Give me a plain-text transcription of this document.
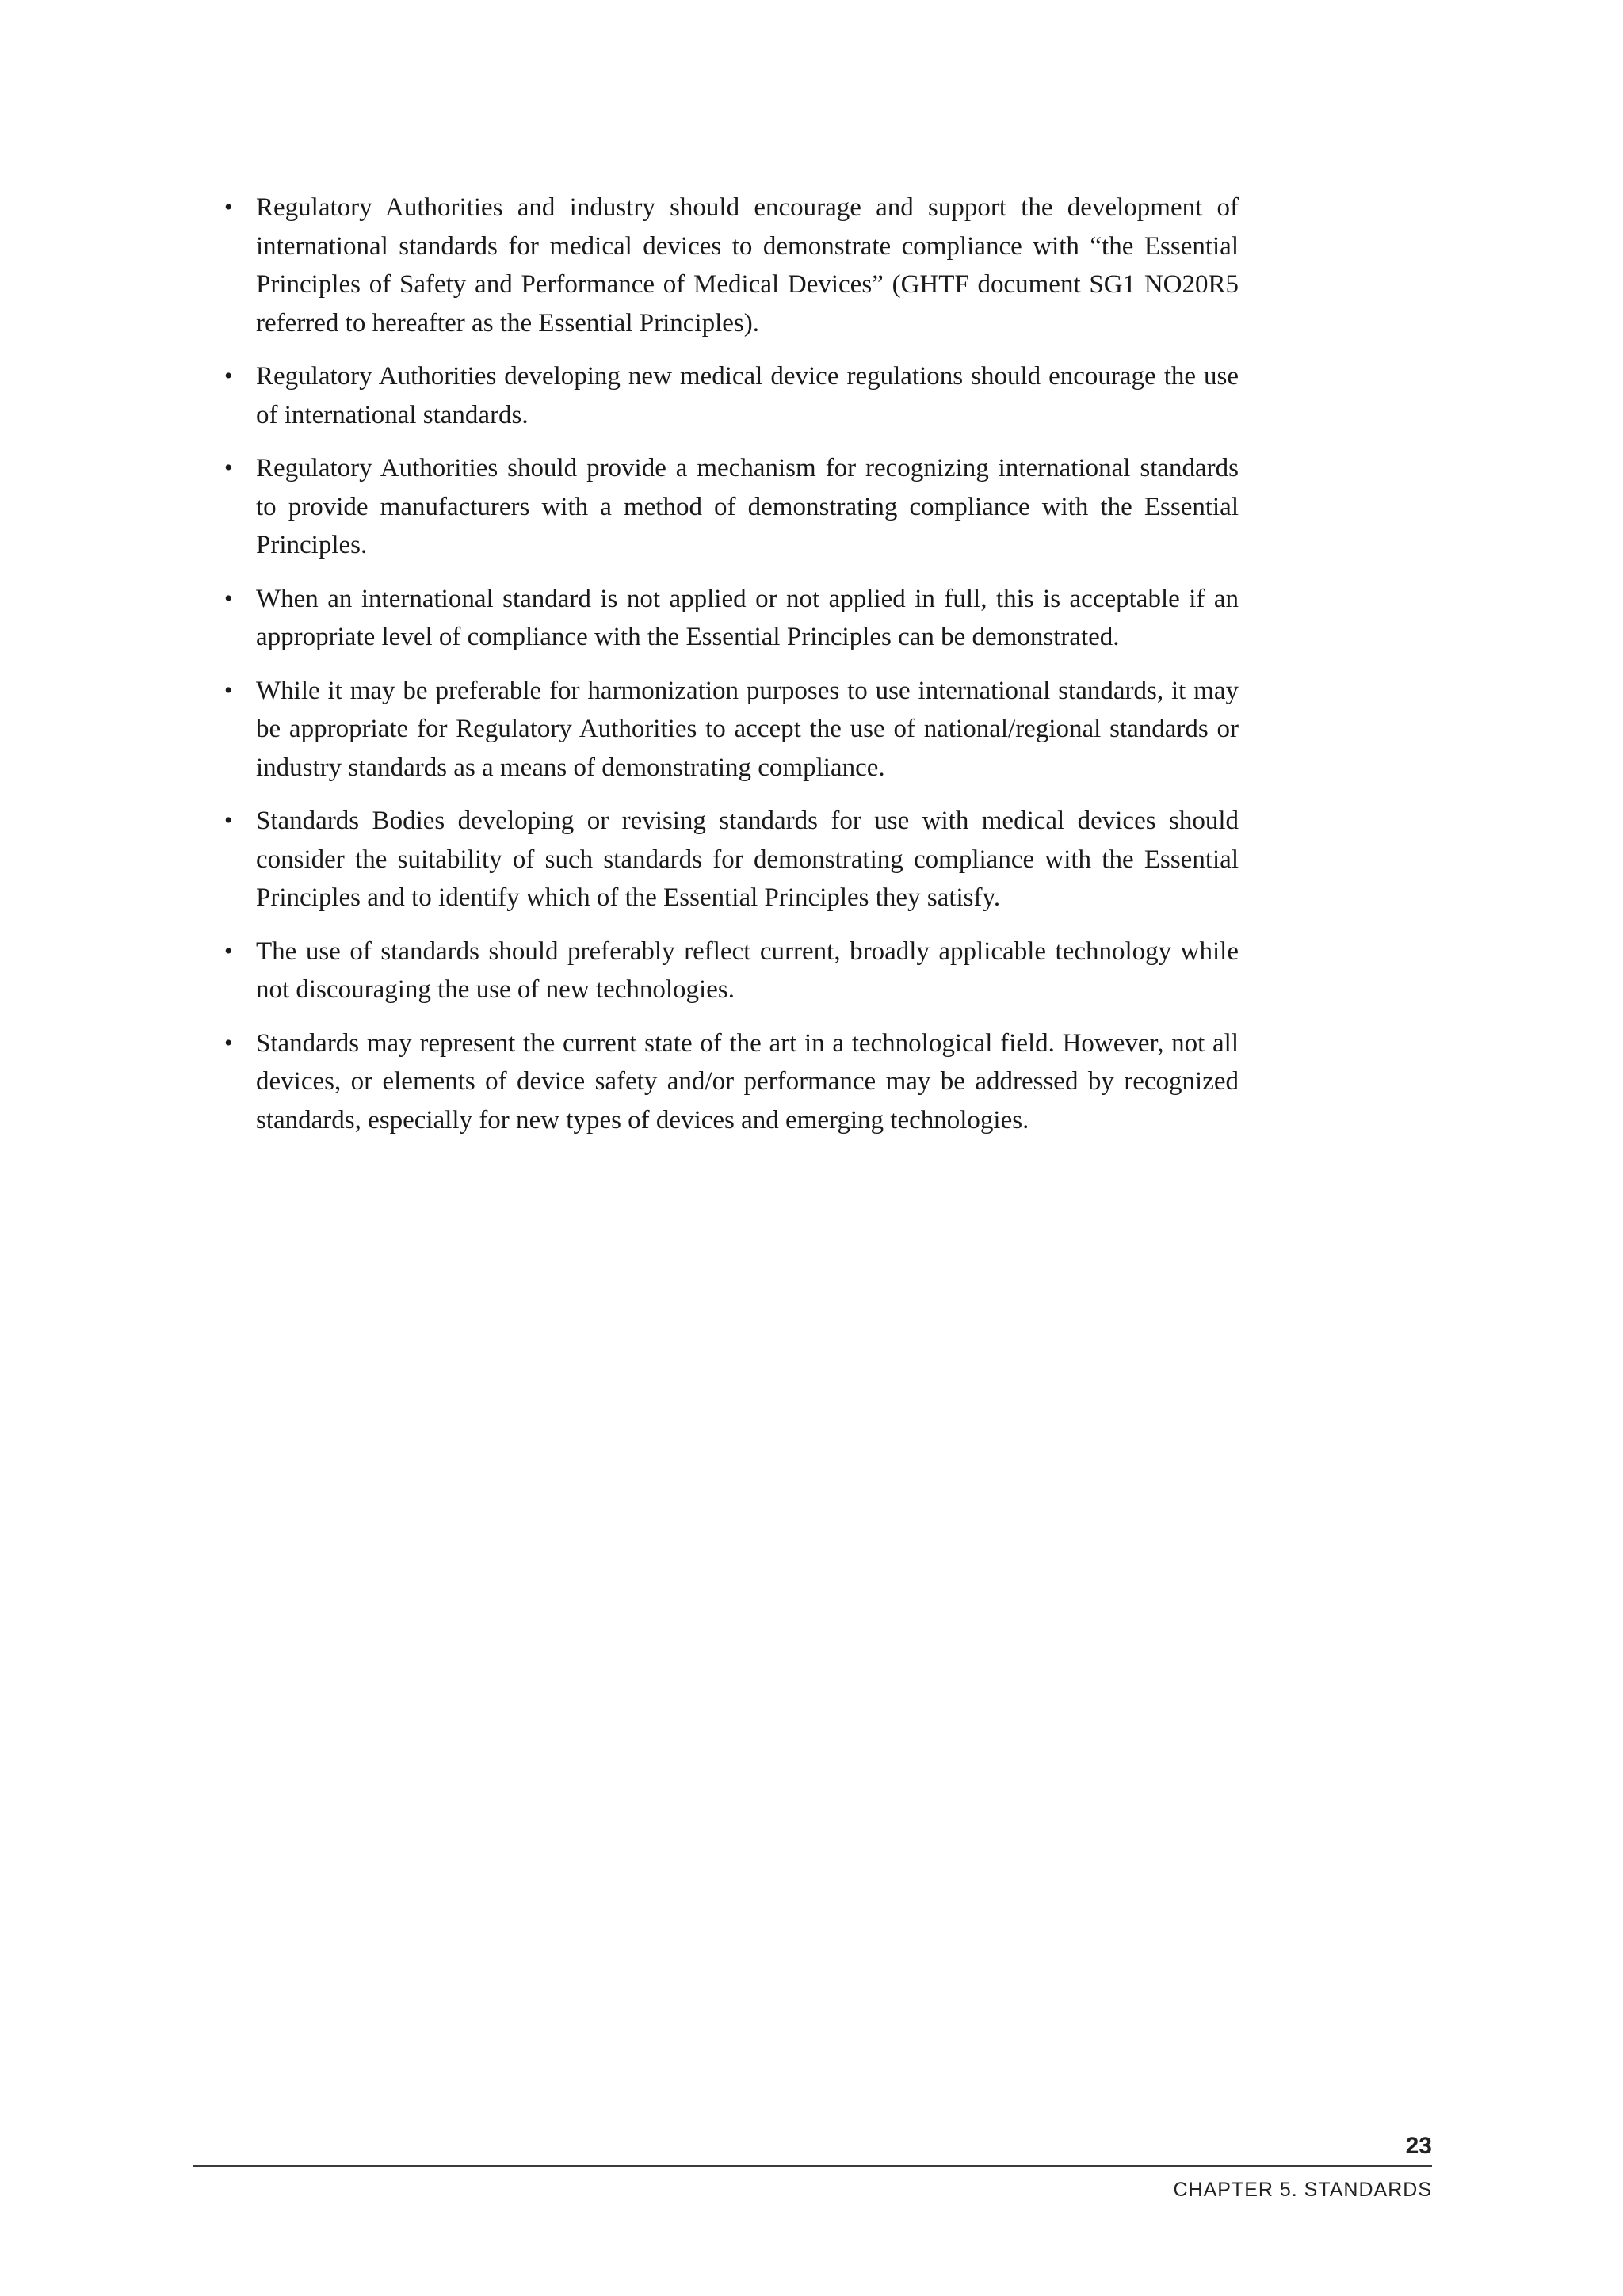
• Regulatory Authorities and industry should encourage and support the development of international standards for medical devices to demonstrate compliance with “the Essential Principles of Safety and Performance of Medical Devices” (GHTF document SG1 NO20R5 referred to hereafter as the Essential Principles).
• Regulatory Authorities developing new medical device regulations should encourage the use of international standards.
• Regulatory Authorities should provide a mechanism for recognizing international standards to provide manufacturers with a method of demonstrating compliance with the Essential Principles.
• When an international standard is not applied or not applied in full, this is acceptable if an appropriate level of compliance with the Essential Principles can be demonstrated.
• While it may be preferable for harmonization purposes to use international standards, it may be appropriate for Regulatory Authorities to accept the use of national/regional standards or industry standards as a means of demonstrating compliance.
• Standards Bodies developing or revising standards for use with medical devices should consider the suitability of such standards for demonstrating compliance with the Essential Principles and to identify which of the Essential Principles they satisfy.
• The use of standards should preferably reflect current, broadly applicable technology while not discouraging the use of new technologies.
• Standards may represent the current state of the art in a technological field. However, not all devices, or elements of device safety and/or performance may be addressed by recognized standards, especially for new types of devices and emerging technologies.
23
CHAPTER 5. STANDARDS
